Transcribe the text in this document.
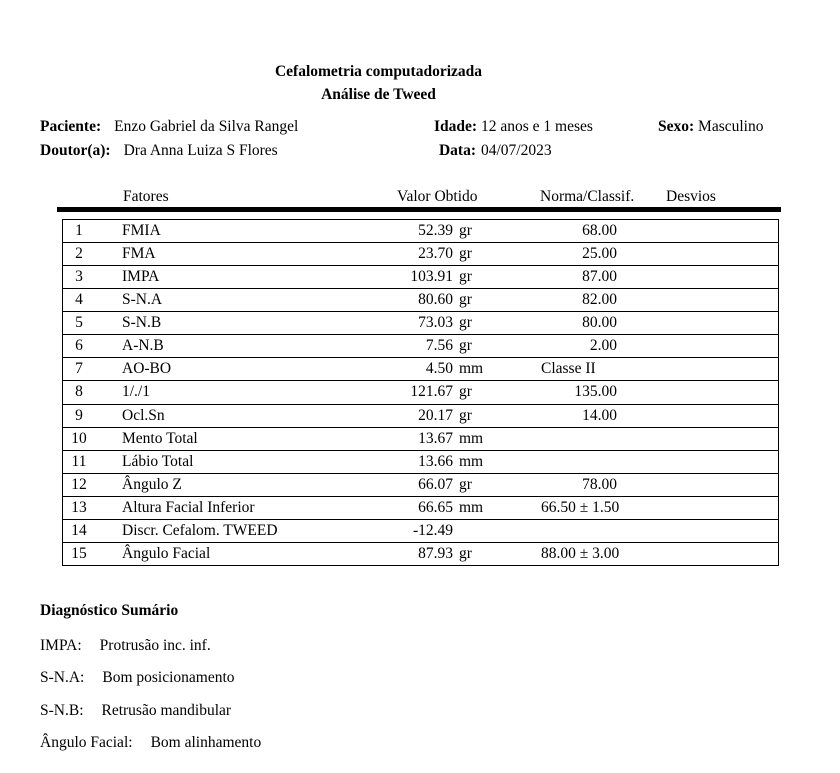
Cefalometria computadorizada
Análise de Tweed
Paciente: Enzo Gabriel da Silva Rangel	Idade: 12 anos e 1 meses	Sexo: Masculino
Doutor(a): Dra Anna Luiza S Flores	Data: 04/07/2023
Fatores	Valor Obtido	Norma/Classif. Desvios
1	FMIA	52.39 gr	68.00
2	FMA	23.70 gr	25.00
3	IMPA	103.91 gr	87.00
4	S-N.A	80.60 gr	82.00
5	S-N.B	73.03 gr	80.00
6	A-N.B	7.56 gr	2.00
7	AO-BO	4.50 mm	Classe II
8	1/./1	121.67 gr	135.00
9	Ocl.Sn	20.17 gr	14.00
10	Mento Total	13.67 mm
11	Lábio Total	13.66 mm
12	Ângulo Z	66.07 gr	78.00
13	Altura Facial Inferior	66.65 mm	66.50 ± 1.50
14	Discr. Cefalom. TWEED	-12.49
15	Ângulo Facial	87.93 gr	88.00 ± 3.00
Diagnóstico Sumário
IMPA: Protrusão inc. inf.
S-N.A: Bom posicionamento
S-N.B: Retrusão mandibular
Ângulo Facial: Bom alinhamento
